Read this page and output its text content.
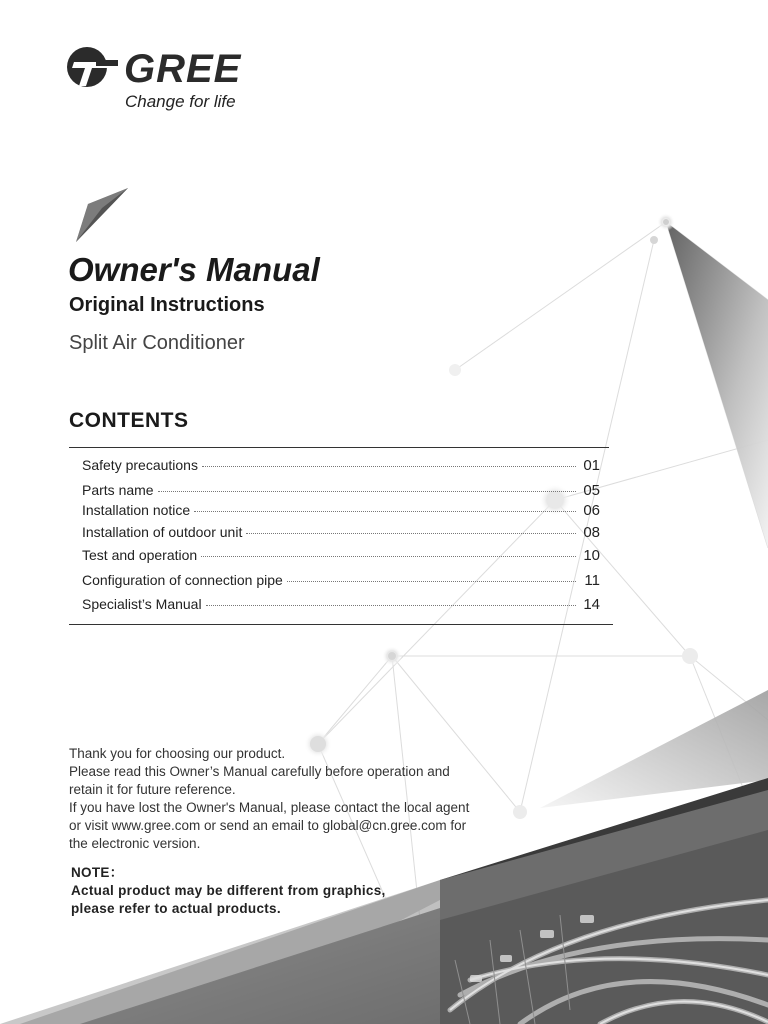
GREE
Change for life
Owner's Manual
Original Instructions
Split Air Conditioner
CONTENTS
Safety precautions	01
Parts name	05
Installation notice	06
Installation of outdoor unit	08
Test and operation	10
Configuration of connection pipe	11
Specialist’s Manual	14

Thank you for choosing our product.

Please read this Owner’s Manual carefully before operation and

retain it for future reference.

If you have lost the Owner's Manual, please contact the local agent

or visit www.gree.com or send an email to global@cn.gree.com for

the electronic version.

NOTE：

Actual product may be different from graphics,

please refer to actual products.
